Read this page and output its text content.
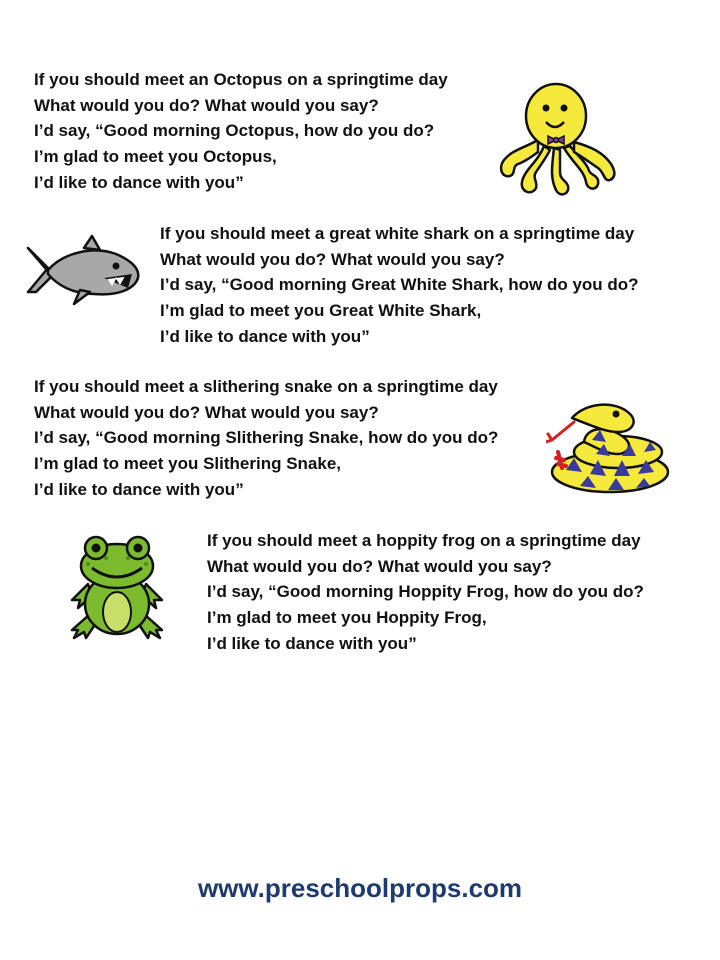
If you should meet an Octopus on a springtime day
What would you do? What would you say?
I’d say, “Good morning Octopus, how do you do?
I’m glad to meet you Octopus,
I’d like to dance with you”
If you should meet a great white shark on a springtime day
What would you do? What would you say?
I’d say, “Good morning Great White Shark, how do you do?
I’m glad to meet you Great White Shark,
I’d like to dance with you”
If you should meet a slithering snake on a springtime day
What would you do? What would you say?
I’d say, “Good morning Slithering Snake, how do you do?
I’m glad to meet you Slithering Snake,
I’d like to dance with you”
If you should meet a hoppity frog on a springtime day
What would you do? What would you say?
I’d say, “Good morning Hoppity Frog, how do you do?
I’m glad to meet you Hoppity Frog,
I’d like to dance with you”
www.preschoolprops.com
